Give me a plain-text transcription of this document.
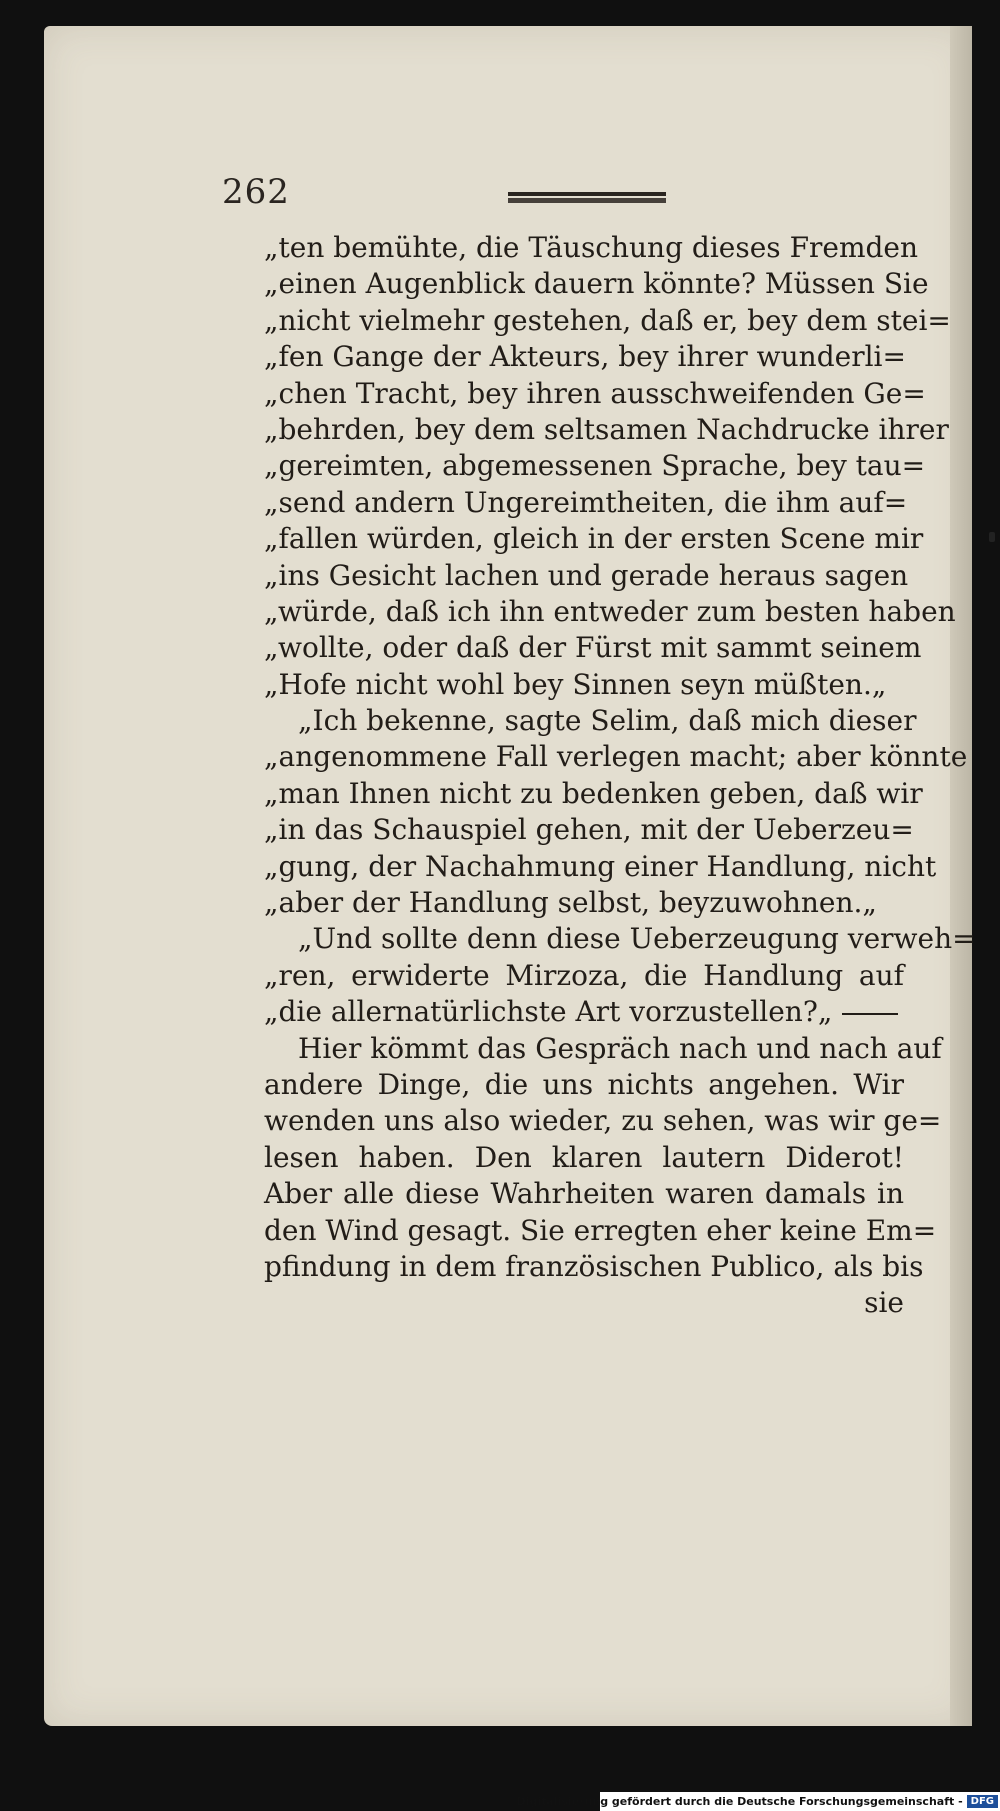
262
„ten bemühte, die Täuschung dieses Fremden
„einen Augenblick dauern könnte? Müssen Sie
„nicht vielmehr gestehen, daß er, bey dem stei=
„fen Gange der Akteurs, bey ihrer wunderli=
„chen Tracht, bey ihren ausschweifenden Ge=
„behrden, bey dem seltsamen Nachdrucke ihrer
„gereimten, abgemessenen Sprache, bey tau=
„send andern Ungereimtheiten, die ihm auf=
„fallen würden, gleich in der ersten Scene mir
„ins Gesicht lachen und gerade heraus sagen
„würde, daß ich ihn entweder zum besten haben
„wollte, oder daß der Fürst mit sammt seinem
„Hofe nicht wohl bey Sinnen seyn müßten.„
„Ich bekenne, sagte Selim, daß mich dieser
„angenommene Fall verlegen macht; aber könnte
„man Ihnen nicht zu bedenken geben, daß wir
„in das Schauspiel gehen, mit der Ueberzeu=
„gung, der Nachahmung einer Handlung, nicht
„aber der Handlung selbst, beyzuwohnen.„
„Und sollte denn diese Ueberzeugung verweh=
„ren, erwiderte Mirzoza, die Handlung auf
„die allernatürlichste Art vorzustellen?„
Hier kömmt das Gespräch nach und nach auf
andere Dinge, die uns nichts angehen. Wir
wenden uns also wieder, zu sehen, was wir ge=
lesen haben. Den klaren lautern Diderot!
Aber alle diese Wahrheiten waren damals in
den Wind gesagt. Sie erregten eher keine Em=
pfindung in dem französischen Publico, als bis
sie
Digitalisierung gefördert durch die Deutsche Forschungsgemeinschaft - DFG
